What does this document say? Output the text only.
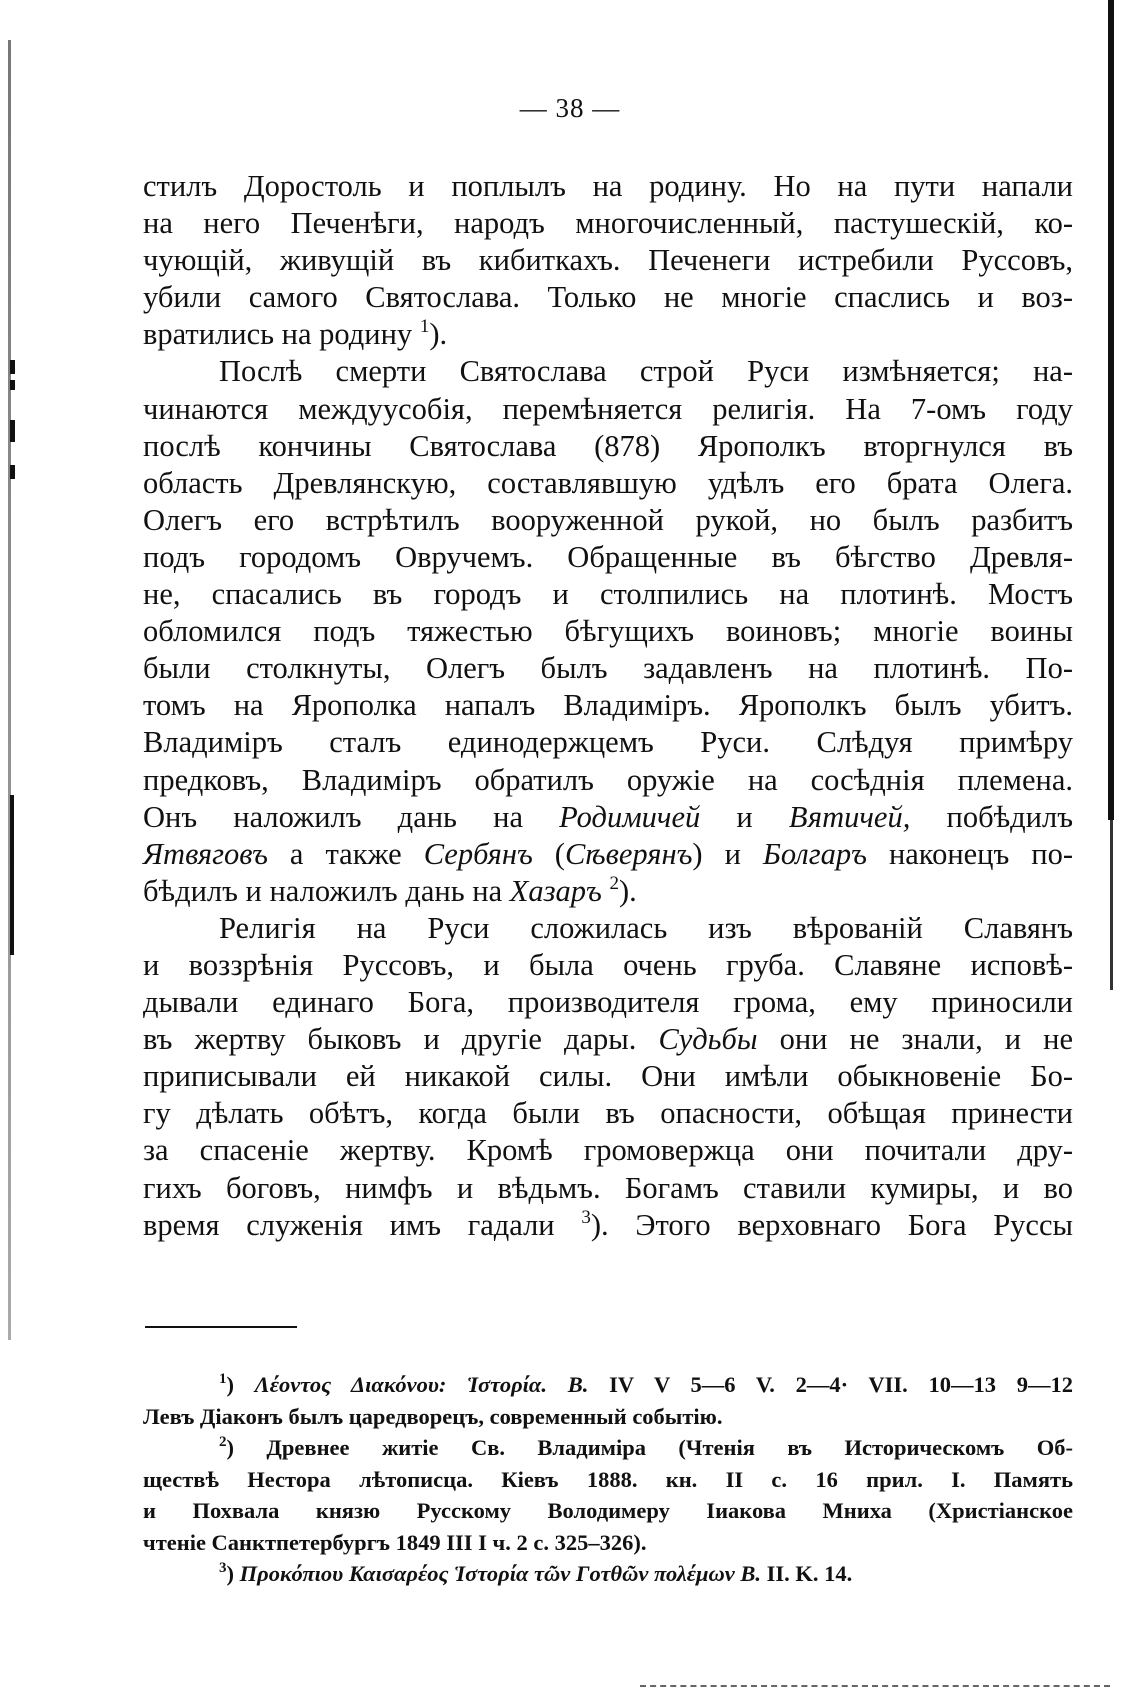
— 38 —
стилъ Доростоль и поплылъ на родину. Но на пути напали
на него Печенѣги, народъ многочисленный, пастушескій, ко-
чующій, живущій въ кибиткахъ. Печенеги истребили Руссовъ,
убили самого Святослава. Только не многіе спаслись и воз-
вратились на родину $^1$).
Послѣ смерти Святослава строй Руси измѣняется; на-
чинаются междуусобія, перемѣняется религія. На 7-омъ году
послѣ кончины Святослава (878) Ярополкъ вторгнулся въ
область Древлянскую, составлявшую удѣлъ его брата Олега.
Олегъ его встрѣтилъ вооруженной рукой, но былъ разбитъ
подъ городомъ Овручемъ. Обращенные въ бѣгство Древля-
не, спасались въ городъ и столпились на плотинѣ. Мостъ
обломился подъ тяжестью бѣгущихъ воиновъ; многіе воины
были столкнуты, Олегъ былъ задавленъ на плотинѣ. По-
томъ на Ярополка напалъ Владиміръ. Ярополкъ былъ убитъ.
Владиміръ сталъ единодержцемъ Руси. Слѣдуя примѣру
предковъ, Владиміръ обратилъ оружіе на сосѣднія племена.
Онъ наложилъ дань на Родимичей и Вятичей, побѣдилъ
Ятвяговъ а также Сербянъ (Сѣверянъ) и Болгаръ наконецъ по-
бѣдилъ и наложилъ дань на Хазаръ $^2$).
Религія на Руси сложилась изъ вѣрованій Славянъ
и воззрѣнія Руссовъ, и была очень груба. Славяне исповѣ-
дывали единаго Бога, производителя грома, ему приносили
въ жертву быковъ и другіе дары. Судьбы они не знали, и не
приписывали ей никакой силы. Они имѣли обыкновеніе Бо-
гу дѣлать обѣтъ, когда были въ опасности, обѣщая принести
за спасеніе жертву. Кромѣ громовержца они почитали дру-
гихъ боговъ, нимфъ и вѣдьмъ. Богамъ ставили кумиры, и во
время служенія имъ гадали $^3$). Этого верховнаго Бога Руссы
$^1$) Λέοντος Διακόνου: Ἱστορία. B. IV V 5—6 V. 2—4· VII. 10—13 9—12
Левъ Діаконъ былъ царедворецъ, современный событію.
$^2$) Древнее житіе Св. Владиміра (Чтенія въ Историческомъ Об-
ществѣ Нестора лѣтописца. Кіевъ 1888. кн. II с. 16 прил. I. Память
и Похвала князю Русскому Володимеру Іиакова Мниха (Христіанское
чтеніе Санктпетербургъ 1849 III I ч. 2 с. 325–326).
$^3$) Προκόπιου Καισαρέος Ἱστορία τῶν Γοτθῶν πολέμων B. II. K. 14.
